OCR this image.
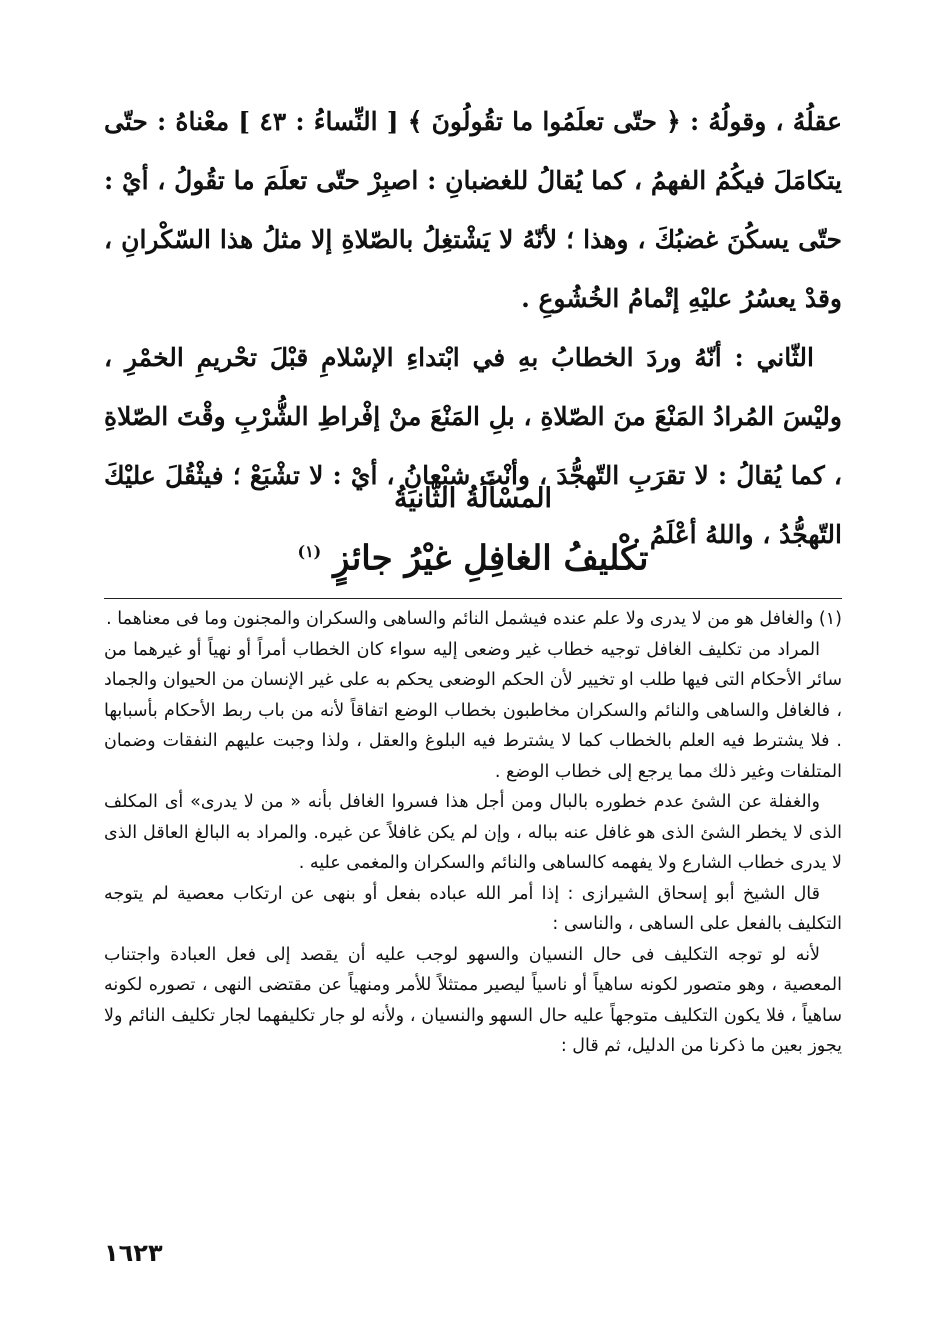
عقلُهُ ، وقولُهُ : ﴿ حتّى تعلَمُوا ما تقُولُونَ ﴾ [ النِّساءُ : ٤٣ ] معْناهُ : حتّى يتكامَلَ فيكُمُ الفهمُ ، كما يُقالُ للغضبانِ : اصبِرْ حتّى تعلَمَ ما تقُولُ ، أيْ : حتّى يسكُنَ غضبُكَ ، وهذا ؛ لأنّهُ لا يَشْتغِلُ بالصّلاةِ إلا مثلُ هذا السّكْرانِ ، وقدْ يعسُرُ عليْهِ إتْمامُ الخُشُوعِ .

الثّاني : أنّهُ وردَ الخطابُ بهِ في ابْتداءِ الإسْلامِ قبْلَ تحْريمِ الخمْرِ ، وليْسَ المُرادُ المَنْعَ منَ الصّلاةِ ، بلِ المَنْعَ منْ إفْراطِ الشُّرْبِ وقْتَ الصّلاةِ ، كما يُقالُ : لا تقرَبِ التّهجُّدَ ، وأنْتَ شبْعانُ ، أيْ : لا تشْبَعْ ؛ فيثْقُلَ عليْكَ التّهجُّدُ ، واللهُ أعْلَمُ .

المسْألَةُ الثّانيَةُ
تكْليفُ الغافِلِ غيْرُ جائزٍ $^{(١)}$

(١) والغافل هو من لا يدرى ولا علم عنده فيشمل النائم والساهى والسكران والمجنون وما فى معناهما .

المراد من تكليف الغافل توجيه خطاب غير وضعى إليه سواء كان الخطاب أمراً أو نهياً أو غيرهما من سائر الأحكام التى فيها طلب او تخيير لأن الحكم الوضعى يحكم به على غير الإنسان من الحيوان والجماد ، فالغافل والساهى والنائم والسكران مخاطبون بخطاب الوضع اتفاقاً لأنه من باب ربط الأحكام بأسبابها . فلا يشترط فيه العلم بالخطاب كما لا يشترط فيه البلوغ والعقل ، ولذا وجبت عليهم النفقات وضمان المتلفات وغير ذلك مما يرجع إلى خطاب الوضع .

والغفلة عن الشئ عدم خطوره بالبال ومن أجل هذا فسروا الغافل بأنه « من لا يدرى» أى المكلف الذى لا يخطر الشئ الذى هو غافل عنه بباله ، وإن لم يكن غافلاً عن غيره. والمراد به البالغ العاقل الذى لا يدرى خطاب الشارع ولا يفهمه كالساهى والنائم والسكران والمغمى عليه .

قال الشيخ أبو إسحاق الشيرازى : إذا أمر الله عباده بفعل أو بنهى عن ارتكاب معصية لم يتوجه التكليف بالفعل على الساهى ، والناسى :

لأنه لو توجه التكليف فى حال النسيان والسهو لوجب عليه أن يقصد إلى فعل العبادة واجتناب المعصية ، وهو متصور لكونه ساهياً أو ناسياً ليصير ممتثلاً للأمر ومنهياً عن مقتضى النهى ، تصوره لكونه ساهياً ، فلا يكون التكليف متوجهاً عليه حال السهو والنسيان ، ولأنه لو جار تكليفهما لجار تكليف النائم ولا يجوز بعين ما ذكرنا من الدليل، ثم قال :

١٦٢٣
